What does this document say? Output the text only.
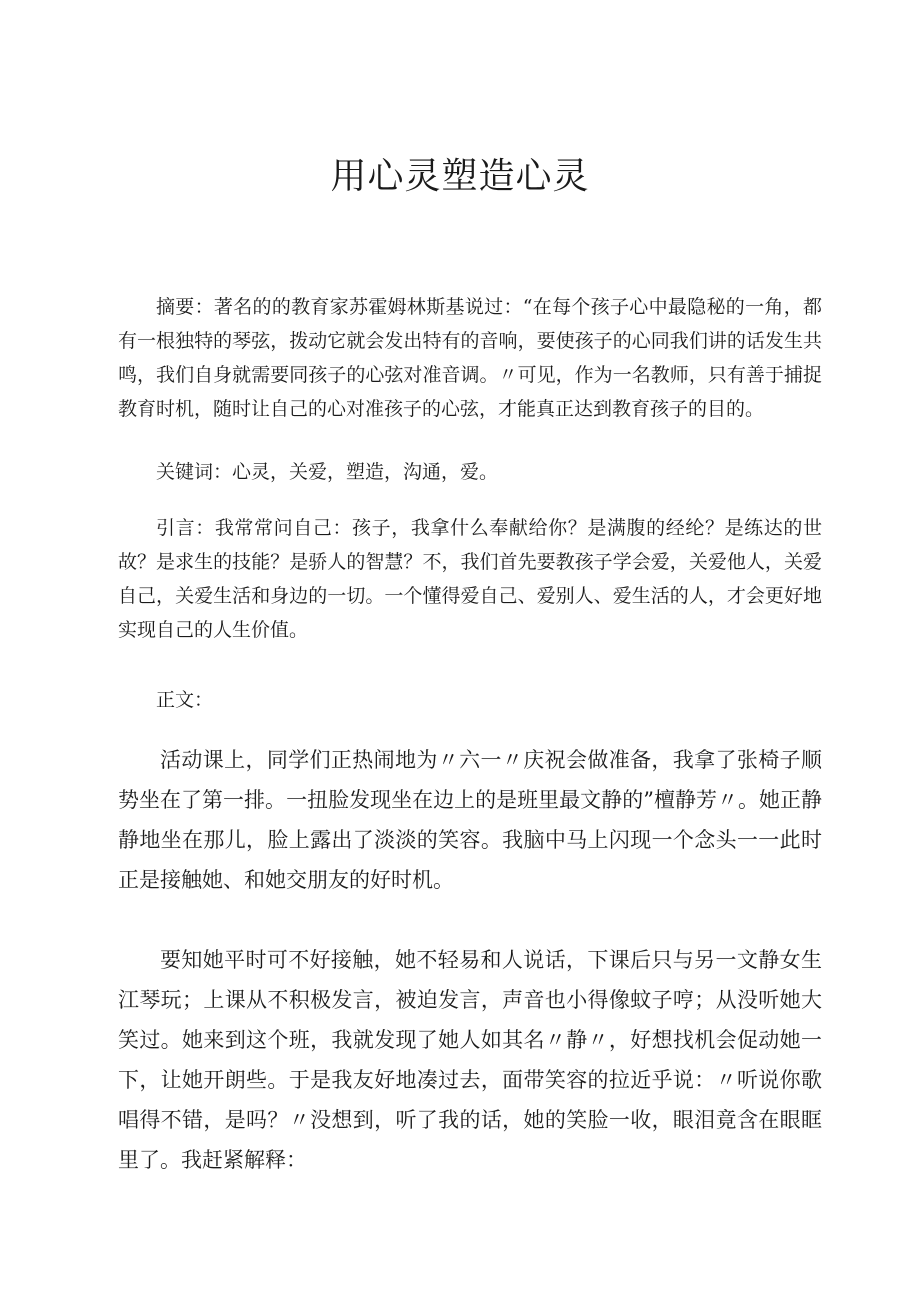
用心灵塑造心灵

摘要：著名的的教育家苏霍姆林斯基说过：“在每个孩子心中最隐秘的一角，都有一根独特的琴弦，拨动它就会发出特有的音响，要使孩子的心同我们讲的话发生共鸣，我们自身就需要同孩子的心弦对准音调。〃可见，作为一名教师，只有善于捕捉教育时机，随时让自己的心对准孩子的心弦，才能真正达到教育孩子的目的。

关键词：心灵，关爱，塑造，沟通，爱。

引言：我常常问自己：孩子，我拿什么奉献给你？是满腹的经纶？是练达的世故？是求生的技能？是骄人的智慧？不，我们首先要教孩子学会爱，关爱他人，关爱自己，关爱生活和身边的一切。一个懂得爱自己、爱别人、爱生活的人，才会更好地实现自己的人生价值。

正文：

活动课上，同学们正热闹地为〃六一〃庆祝会做准备，我拿了张椅子顺势坐在了第一排。一扭脸发现坐在边上的是班里最文静的”檀静芳〃。她正静静地坐在那儿，脸上露出了淡淡的笑容。我脑中马上闪现一个念头一一此时正是接触她、和她交朋友的好时机。

要知她平时可不好接触，她不轻易和人说话，下课后只与另一文静女生江琴玩；上课从不积极发言，被迫发言，声音也小得像蚊子哼；从没听她大笑过。她来到这个班，我就发现了她人如其名〃静〃，好想找机会促动她一下，让她开朗些。于是我友好地凑过去，面带笑容的拉近乎说：〃听说你歌唱得不错，是吗？〃没想到，听了我的话，她的笑脸一收，眼泪竟含在眼眶里了。我赶紧解释：
